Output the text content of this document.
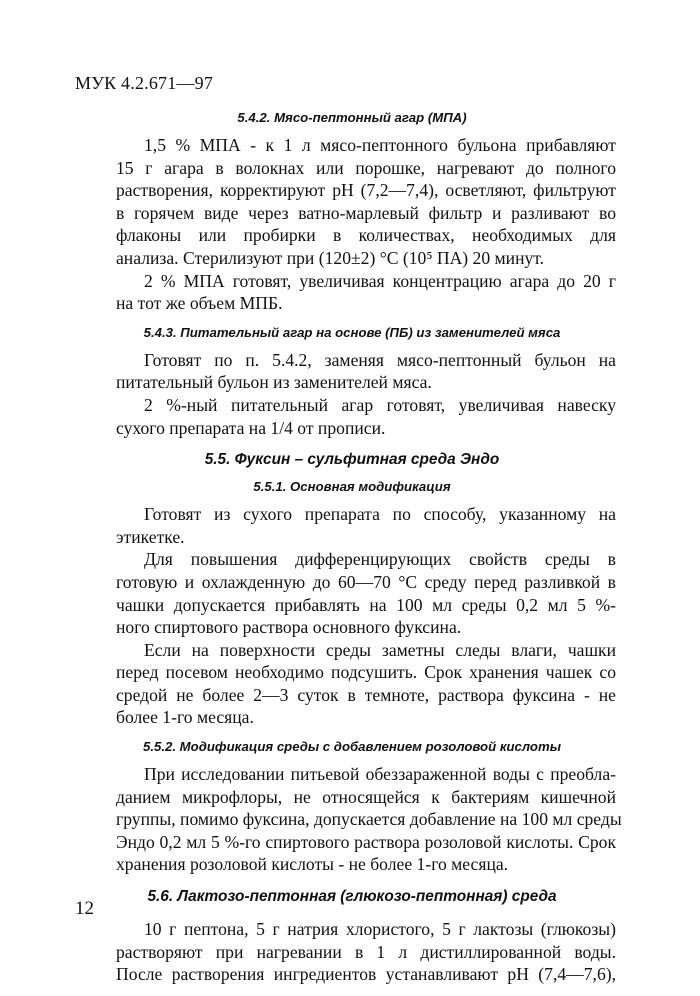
МУК 4.2.671—97
5.4.2. Мясо-пептонный агар (МПА)
1,5 % МПА - к 1 л мясо-пептонного бульона прибавляют
15 г агара в волокнах или порошке, нагревают до полного
растворения, корректируют pH (7,2—7,4), осветляют, фильтруют
в горячем виде через ватно-марлевый фильтр и разливают во
флаконы или пробирки в количествах, необходимых для
анализа. Стерилизуют при (120±2) °С (10⁵ ПА) 20 минут.
2 % МПА готовят, увеличивая концентрацию агара до 20 г
на тот же объем МПБ.
5.4.3. Питательный агар на основе (ПБ) из заменителей мяса
Готовят по п. 5.4.2, заменяя мясо-пептонный бульон на
питательный бульон из заменителей мяса.
2 %-ный питательный агар готовят, увеличивая навеску
сухого препарата на 1/4 от прописи.
5.5. Фуксин – сульфитная среда Эндо
5.5.1. Основная модификация
Готовят из сухого препарата по способу, указанному на
этикетке.
Для повышения дифференцирующих свойств среды в
готовую и охлажденную до 60—70 °С среду перед разливкой в
чашки допускается прибавлять на 100 мл среды 0,2 мл 5 %-
ного спиртового раствора основного фуксина.
Если на поверхности среды заметны следы влаги, чашки
перед посевом необходимо подсушить. Срок хранения чашек со
средой не более 2—3 суток в темноте, раствора фуксина - не
более 1-го месяца.
5.5.2. Модификация среды с добавлением розоловой кислоты
При исследовании питьевой обеззараженной воды с преобла-
данием микрофлоры, не относящейся к бактериям кишечной
группы, помимо фуксина, допускается добавление на 100 мл среды
Эндо 0,2 мл 5 %-го спиртового раствора розоловой кислоты. Срок
хранения розоловой кислоты - не более 1-го месяца.
5.6. Лактозо-пептонная (глюкозо-пептонная) среда
10 г пептона, 5 г натрия хлористого, 5 г лактозы (глюкозы)
растворяют при нагревании в 1 л дистиллированной воды.
После растворения ингредиентов устанавливают pH (7,4—7,6),
12
